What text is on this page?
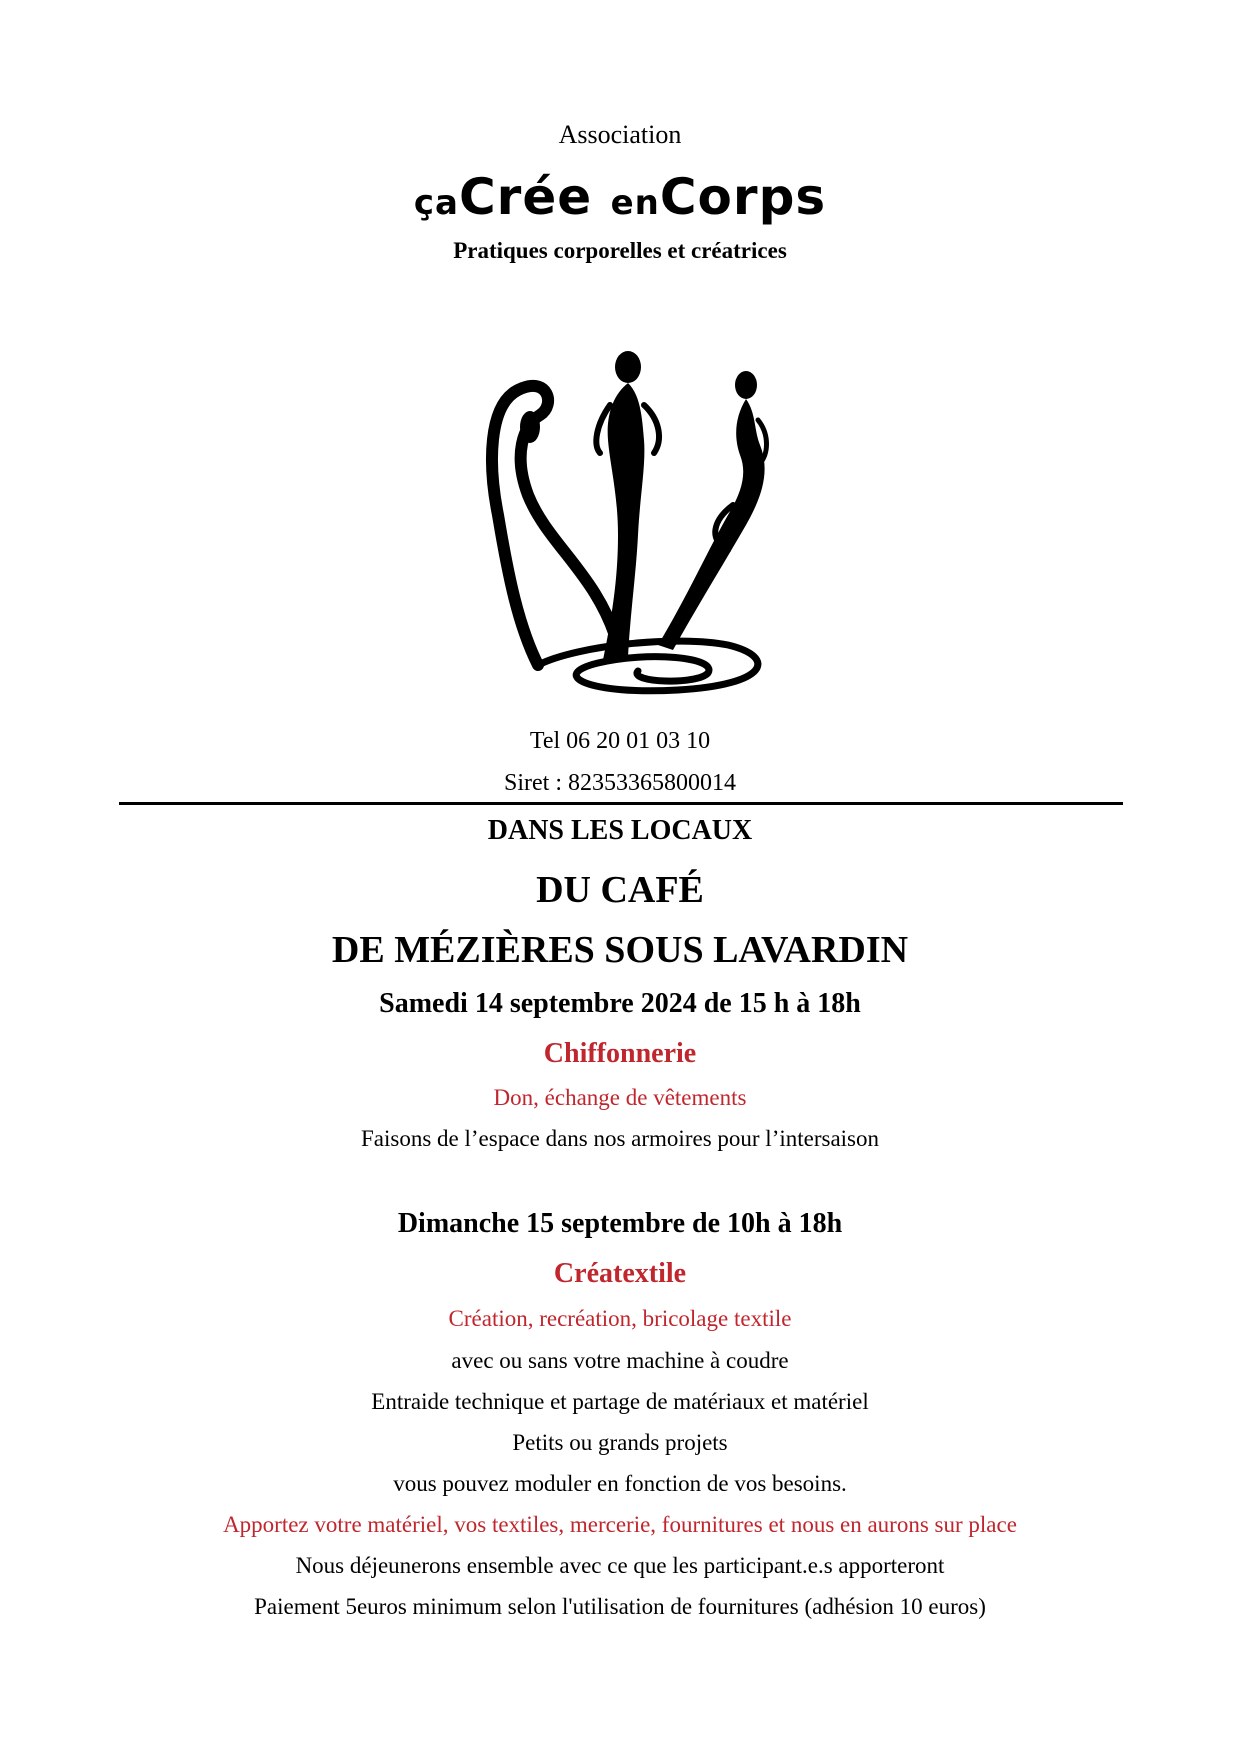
Association
çaCrée enCorps
Pratiques corporelles et créatrices
Tel 06 20 01 03 10
Siret : 82353365800014
DANS LES LOCAUX
DU CAFÉ
DE MÉZIÈRES SOUS LAVARDIN
Samedi 14 septembre 2024 de 15 h à 18h
Chiffonnerie
Don, échange de vêtements
Faisons de l’espace dans nos armoires pour l’intersaison
Dimanche 15 septembre de 10h à 18h
Créatextile
Création, recréation, bricolage textile
avec ou sans votre machine à coudre
Entraide technique et partage de matériaux et matériel
Petits ou grands projets
vous pouvez moduler en fonction de vos besoins.
Apportez votre matériel, vos textiles, mercerie, fournitures et nous en aurons sur place
Nous déjeunerons ensemble avec ce que les participant.e.s apporteront
Paiement 5euros minimum selon l'utilisation de fournitures (adhésion 10 euros)
